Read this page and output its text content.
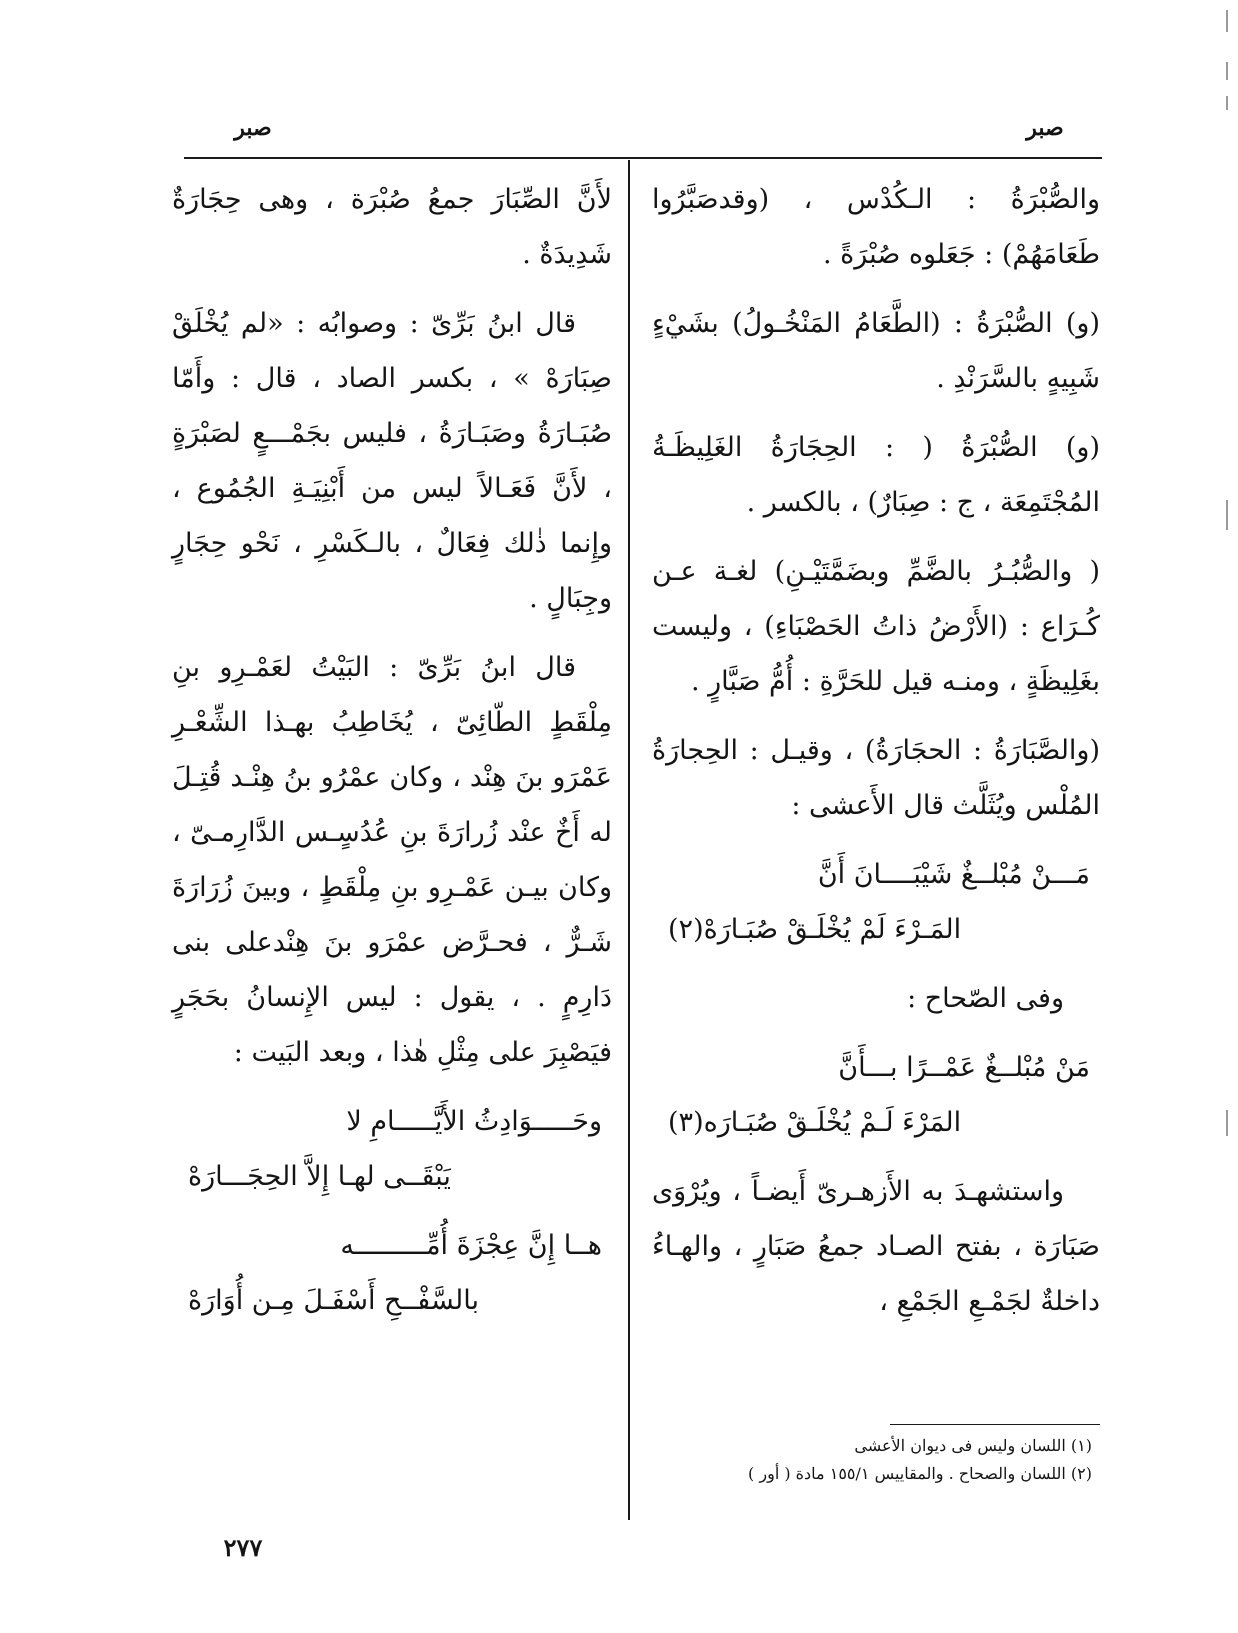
صبر
صبر

والصُّبْرَةُ : الـكُدْس ، (وقدصَبَّرُوا طَعَامَهُمْ) : جَعَلوه صُبْرَةً .

(و) الصُّبْرَةُ : (الطَّعَامُ المَنْخُـولُ) بشَيْءٍ شَبِيهٍ بالسَّرَنْدِ .

(و) الصُّبْرَةُ ( : الحِجَارَةُ الغَلِيظَـةُ المُجْتَمِعَة ، ج : صِبَارٌ) ، بالكسر .

( والصُّبُـرُ بالضَّمِّ وبضَمَّتَيْـنِ) لغـة عـن كُـرَاع : (الأَرْضُ ذاتُ الحَصْبَاءِ) ، وليست بغَلِيظَةٍ ، ومنـه قيل للحَرَّةِ : أُمُّ صَبَّارٍ .

(والصَّبَارَةُ : الحجَارَةُ) ، وقيـل : الحِجارَةُ المُلْس ويُثَلَّث قال الأَعشى :

مَـــنْ مُبْلــغٌ شَيْبَــــانَ أَنَّ
المَـرْءَ لَمْ يُخْلَـقْ صُبَـارَهْ(٢)

وفى الصّحاح :

مَنْ مُبْلــغٌ عَمْــرًا بـــأَنَّ
المَرْءَ لَـمْ يُخْلَـقْ صُبَـارَه(٣)

واستشهـدَ به الأَزهـرىّ أَيضـاً ، ويُرْوَى صَبَارَة ، بفتح الصـاد جمعُ صَبَارٍ ، والهـاءُ داخلةٌ لجَمْـعِ الجَمْعِ ،

لأَنَّ الصِّبَارَ جمعُ صُبْرَة ، وهى حِجَارَةٌ شَدِيدَةٌ .

قال ابنُ بَرِّىّ : وصوابُه : «لم يُخْلَقْ صِبَارَهْ » ، بكسر الصاد ، قال : وأَمّا صُبَـارَةُ وصَبَـارَةُ ، فليس بجَمْـــعٍ لصَبْرَةٍ ، لأَنَّ فَعَـالاً ليس من أَبْنِيَـةِ الجُمُوع ، وإِنما ذٰلك فِعَالٌ ، بالـكَسْرِ ، نَحْو حِجَارٍ وجِبَالٍ .

قال ابنُ بَرِّىّ : البَيْتُ لعَمْـرِو بنِ مِلْقَطٍ الطّائِىّ ، يُخَاطِبُ بهـذا الشِّعْـرِ عَمْرَو بنَ هِنْد ، وكان عمْرُو بنُ هِنْـد قُتِـلَ له أَخٌ عنْد زُرارَةَ بنِ عُدُسٍـس الدَّارِمـىّ ، وكان بيـن عَمْـرِو بنِ مِلْقَطٍ ، وبينَ زُرَارَةَ شَـرٌّ ، فحـرَّض عمْرَو بنَ هِنْدعلى بنى دَارِمٍ . ، يقول : ليس الإِنسانُ بحَجَرٍ فيَصْبِرَ على مِثْلِ هٰذا ، وبعد البَيت :

وحَـــــوَادِثُ الأَيَّـــــامِ لا
يَبْقَــى لهـا إِلاَّ الحِجَـــارَهْ
هــا إِنَّ عِجْزَةَ أُمِّـــــــــه
بالسَّفْــحِ أَسْفَـلَ مِـن أُوَارَهْ
(١) اللسان وليس فى ديوان الأعشى
(٢) اللسان والصحاح . والمقاييس ١٥٥/١ مادة ( أور )
٢٧٧
